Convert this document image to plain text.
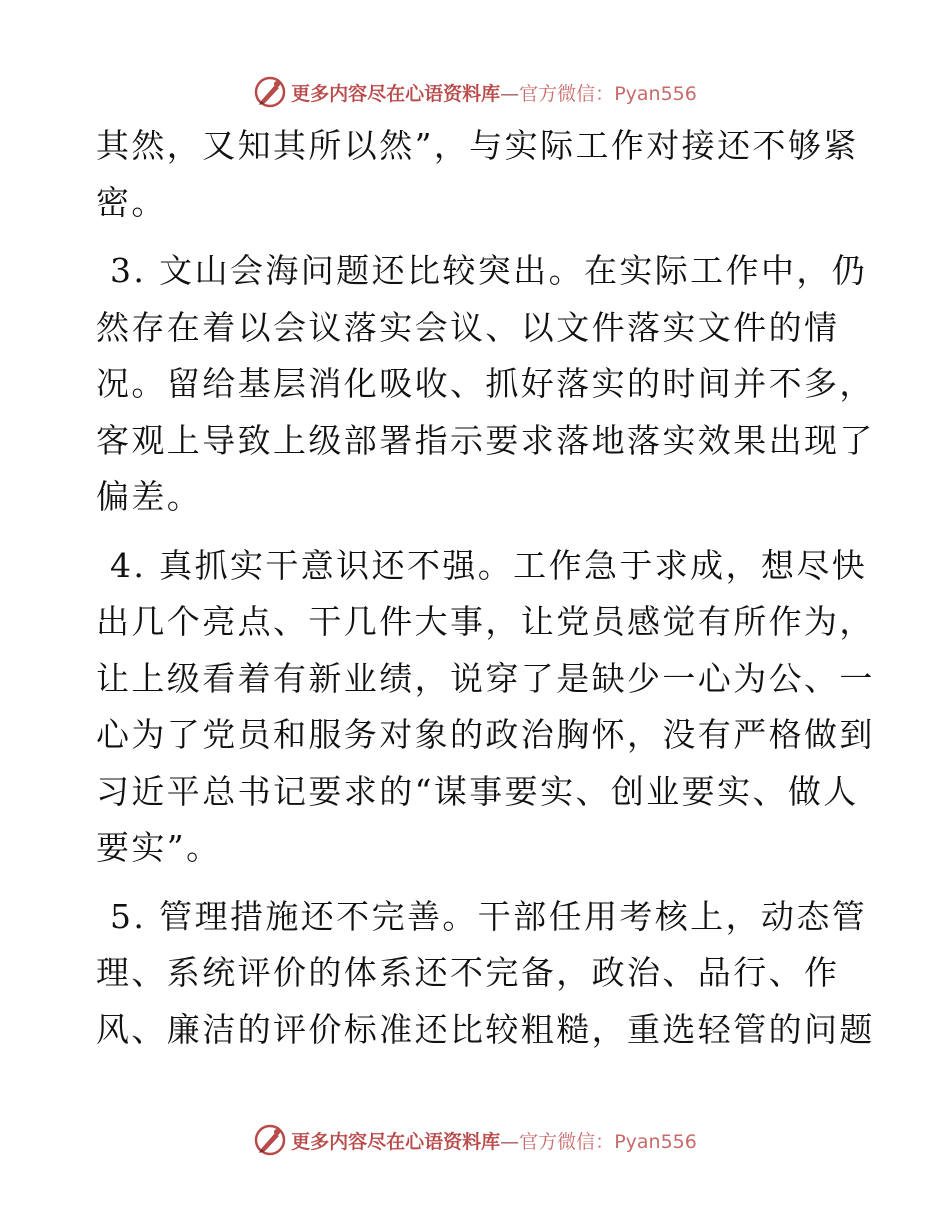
更多内容尽在心语资料库—官方微信：Pyan556

其然，又知其所以然”，与实际工作对接还不够紧
密。

3. 文山会海问题还比较突出。在实际工作中，仍
然存在着以会议落实会议、以文件落实文件的情
况。留给基层消化吸收、抓好落实的时间并不多，
客观上导致上级部署指示要求落地落实效果出现了
偏差。

4. 真抓实干意识还不强。工作急于求成，想尽快
出几个亮点、干几件大事，让党员感觉有所作为，
让上级看着有新业绩，说穿了是缺少一心为公、一
心为了党员和服务对象的政治胸怀，没有严格做到
习近平总书记要求的“谋事要实、创业要实、做人
要实”。

5. 管理措施还不完善。干部任用考核上，动态管
理、系统评价的体系还不完备，政治、品行、作
风、廉洁的评价标准还比较粗糙，重选轻管的问题

更多内容尽在心语资料库—官方微信：Pyan556
